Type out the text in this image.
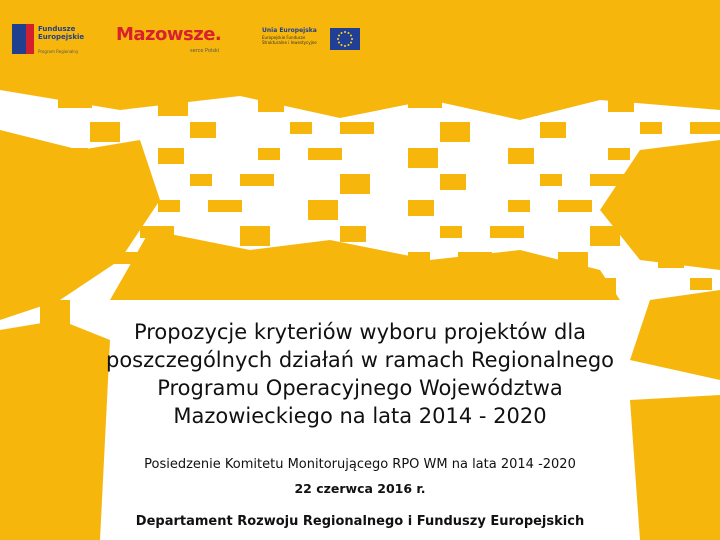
Fundusze
Europejskie
Program Regionalny
Mazowsze.
serce Polski
Unia Europejska
Europejskie Fundusze
Strukturalne i Inwestycyjne
Propozycje kryteriów wyboru projektów dla
poszczególnych działań w ramach Regionalnego
Programu Operacyjnego Województwa
Mazowieckiego na lata 2014 - 2020
Posiedzenie Komitetu Monitorującego RPO WM na lata 2014 -2020
22 czerwca 2016 r.
Departament Rozwoju Regionalnego i Funduszy Europejskich
